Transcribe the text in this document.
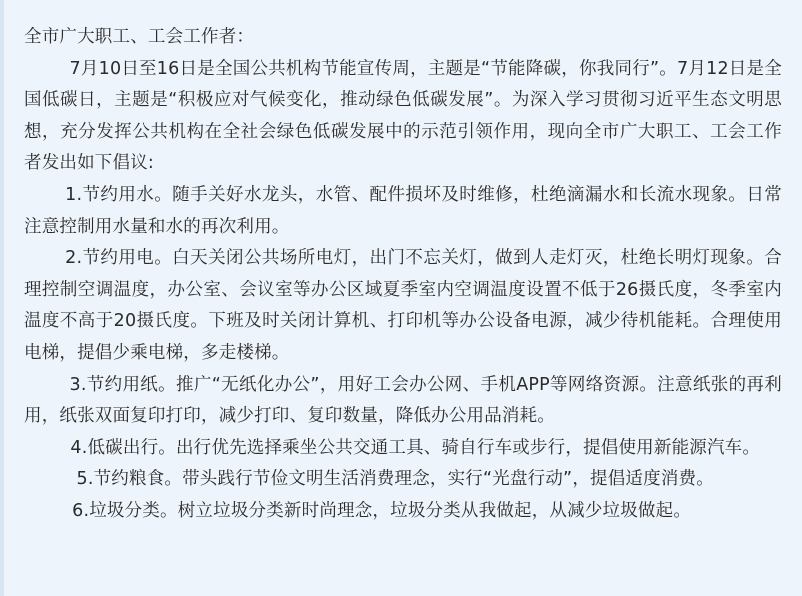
全市广大职工、工会工作者：

7月10日至16日是全国公共机构节能宣传周，主题是“节能降碳，你我同行”。7月12日是全国低碳日，主题是“积极应对气候变化，推动绿色低碳发展”。为深入学习贯彻习近平生态文明思想，充分发挥公共机构在全社会绿色低碳发展中的示范引领作用，现向全市广大职工、工会工作者发出如下倡议:

1.节约用水。随手关好水龙头，水管、配件损坏及时维修，杜绝滴漏水和长流水现象。日常注意控制用水量和水的再次利用。

2.节约用电。白天关闭公共场所电灯，出门不忘关灯，做到人走灯灭，杜绝长明灯现象。合理控制空调温度，办公室、会议室等办公区域夏季室内空调温度设置不低于26摄氏度，冬季室内温度不高于20摄氏度。下班及时关闭计算机、打印机等办公设备电源，减少待机能耗。合理使用电梯，提倡少乘电梯，多走楼梯。

3.节约用纸。推广“无纸化办公”，用好工会办公网、手机APP等网络资源。注意纸张的再利用，纸张双面复印打印，减少打印、复印数量，降低办公用品消耗。

4.低碳出行。出行优先选择乘坐公共交通工具、骑自行车或步行，提倡使用新能源汽车。

5.节约粮食。带头践行节俭文明生活消费理念，实行“光盘行动”，提倡适度消费。

6.垃圾分类。树立垃圾分类新时尚理念，垃圾分类从我做起，从减少垃圾做起。
